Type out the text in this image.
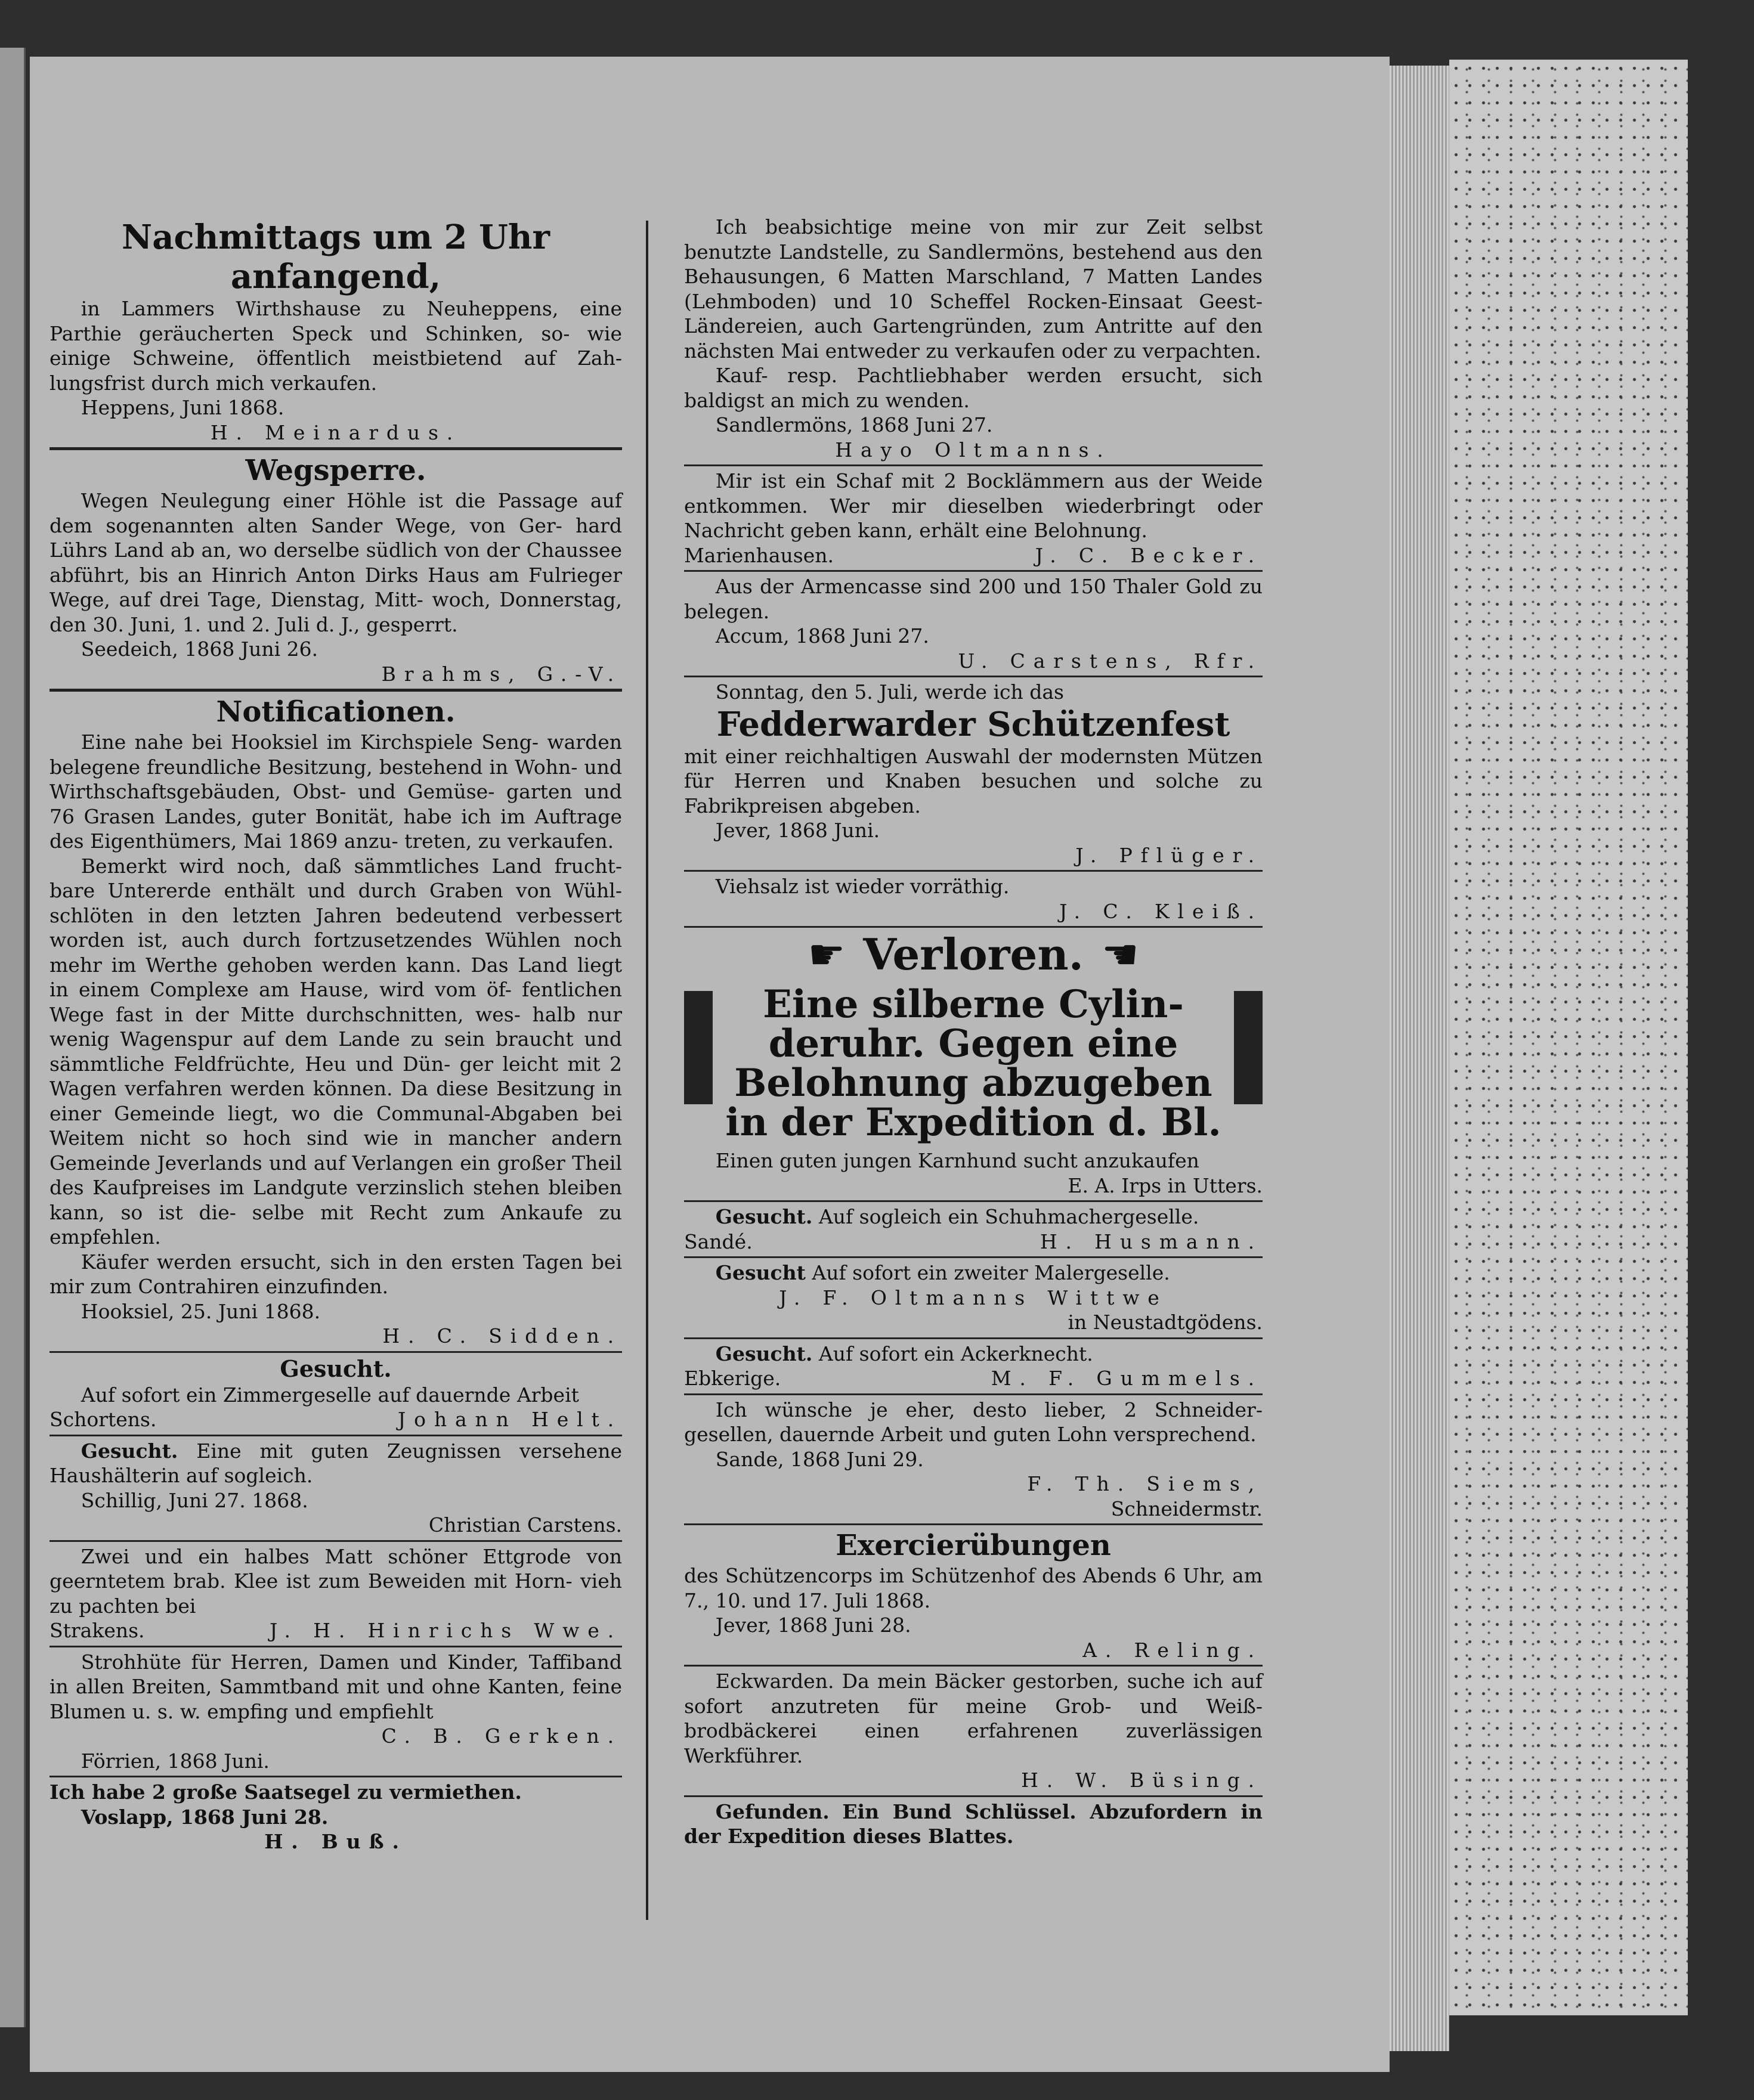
Nachmittags um 2 Uhr anfangend,

in Lammers Wirthshause zu Neuheppens, eine Parthie geräucherten Speck und Schinken, so- wie einige Schweine, öffentlich meistbietend auf Zah- lungsfrist durch mich verkaufen.

Heppens, Juni 1868.

H. Meinardus.

Wegsperre.

Wegen Neulegung einer Höhle ist die Passage auf dem sogenannten alten Sander Wege, von Ger- hard Lührs Land ab an, wo derselbe südlich von der Chaussee abführt, bis an Hinrich Anton Dirks Haus am Fulrieger Wege, auf drei Tage, Dienstag, Mitt- woch, Donnerstag, den 30. Juni, 1. und 2. Juli d. J., gesperrt.

Seedeich, 1868 Juni 26.

Brahms, G.-V.

Notificationen.

Eine nahe bei Hooksiel im Kirchspiele Seng- warden belegene freundliche Besitzung, bestehend in Wohn- und Wirthschaftsgebäuden, Obst- und Gemüse- garten und 76 Grasen Landes, guter Bonität, habe ich im Auftrage des Eigenthümers, Mai 1869 anzu- treten, zu verkaufen.

Bemerkt wird noch, daß sämmtliches Land frucht- bare Untererde enthält und durch Graben von Wühl- schlöten in den letzten Jahren bedeutend verbessert worden ist, auch durch fortzusetzendes Wühlen noch mehr im Werthe gehoben werden kann. Das Land liegt in einem Complexe am Hause, wird vom öf- fentlichen Wege fast in der Mitte durchschnitten, wes- halb nur wenig Wagenspur auf dem Lande zu sein braucht und sämmtliche Feldfrüchte, Heu und Dün- ger leicht mit 2 Wagen verfahren werden können. Da diese Besitzung in einer Gemeinde liegt, wo die Communal-Abgaben bei Weitem nicht so hoch sind wie in mancher andern Gemeinde Jeverlands und auf Verlangen ein großer Theil des Kaufpreises im Landgute verzinslich stehen bleiben kann, so ist die- selbe mit Recht zum Ankaufe zu empfehlen.

Käufer werden ersucht, sich in den ersten Tagen bei mir zum Contrahiren einzufinden.

Hooksiel, 25. Juni 1868.

H. C. Sidden.

Gesucht.

Auf sofort ein Zimmergeselle auf dauernde Arbeit

Schortens.	Johann Helt.

Gesucht. Eine mit guten Zeugnissen versehene Haushälterin auf sogleich.

Schillig, Juni 27. 1868.

Christian Carstens.

Zwei und ein halbes Matt schöner Ettgrode von geerntetem brab. Klee ist zum Beweiden mit Horn- vieh zu pachten bei

Strakens.	J. H. Hinrichs Wwe.

Strohhüte für Herren, Damen und Kinder, Taffiband in allen Breiten, Sammtband mit und ohne Kanten, feine Blumen u. s. w. empfing und empfiehlt

C. B. Gerken.

Förrien, 1868 Juni.

Ich habe 2 große Saatsegel zu vermiethen.

Voslapp, 1868 Juni 28.

H. Buß.

Ich beabsichtige meine von mir zur Zeit selbst benutzte Landstelle, zu Sandlermöns, bestehend aus den Behausungen, 6 Matten Marschland, 7 Matten Landes (Lehmboden) und 10 Scheffel Rocken-Einsaat Geest-Ländereien, auch Gartengründen, zum Antritte auf den nächsten Mai entweder zu verkaufen oder zu verpachten.

Kauf- resp. Pachtliebhaber werden ersucht, sich baldigst an mich zu wenden.

Sandlermöns, 1868 Juni 27.

Hayo Oltmanns.

Mir ist ein Schaf mit 2 Bocklämmern aus der Weide entkommen. Wer mir dieselben wiederbringt oder Nachricht geben kann, erhält eine Belohnung.

Marienhausen.	J. C. Becker.

Aus der Armencasse sind 200 und 150 Thaler Gold zu belegen.

Accum, 1868 Juni 27.

U. Carstens, Rfr.

Sonntag, den 5. Juli, werde ich das

Fedderwarder Schützenfest

mit einer reichhaltigen Auswahl der modernsten Mützen für Herren und Knaben besuchen und solche zu Fabrikpreisen abgeben.

Jever, 1868 Juni.

J. Pflüger.

Viehsalz ist wieder vorräthig.

J. C. Kleiß.

☛ Verloren. ☛
Eine silberne Cylin-
deruhr. Gegen eine
Belohnung abzugeben
in der Expedition d. Bl.

Einen guten jungen Karnhund sucht anzukaufen

E. A. Irps in Utters.

Gesucht. Auf sogleich ein Schuhmachergeselle.

Sandé.	H. Husmann.

Gesucht Auf sofort ein zweiter Malergeselle.

J. F. Oltmanns Wittwe

in Neustadtgödens.

Gesucht. Auf sofort ein Ackerknecht.

Ebkerige.	M. F. Gummels.

Ich wünsche je eher, desto lieber, 2 Schneider- gesellen, dauernde Arbeit und guten Lohn versprechend.

Sande, 1868 Juni 29.

F. Th. Siems,

Schneidermstr.

Exercierübungen

des Schützencorps im Schützenhof des Abends 6 Uhr, am 7., 10. und 17. Juli 1868.

Jever, 1868 Juni 28.

A. Reling.

Eckwarden. Da mein Bäcker gestorben, suche ich auf sofort anzutreten für meine Grob- und Weiß- brodbäckerei einen erfahrenen zuverlässigen Werkführer.

H. W. Büsing.

Gefunden. Ein Bund Schlüssel. Abzufordern in der Expedition dieses Blattes.
